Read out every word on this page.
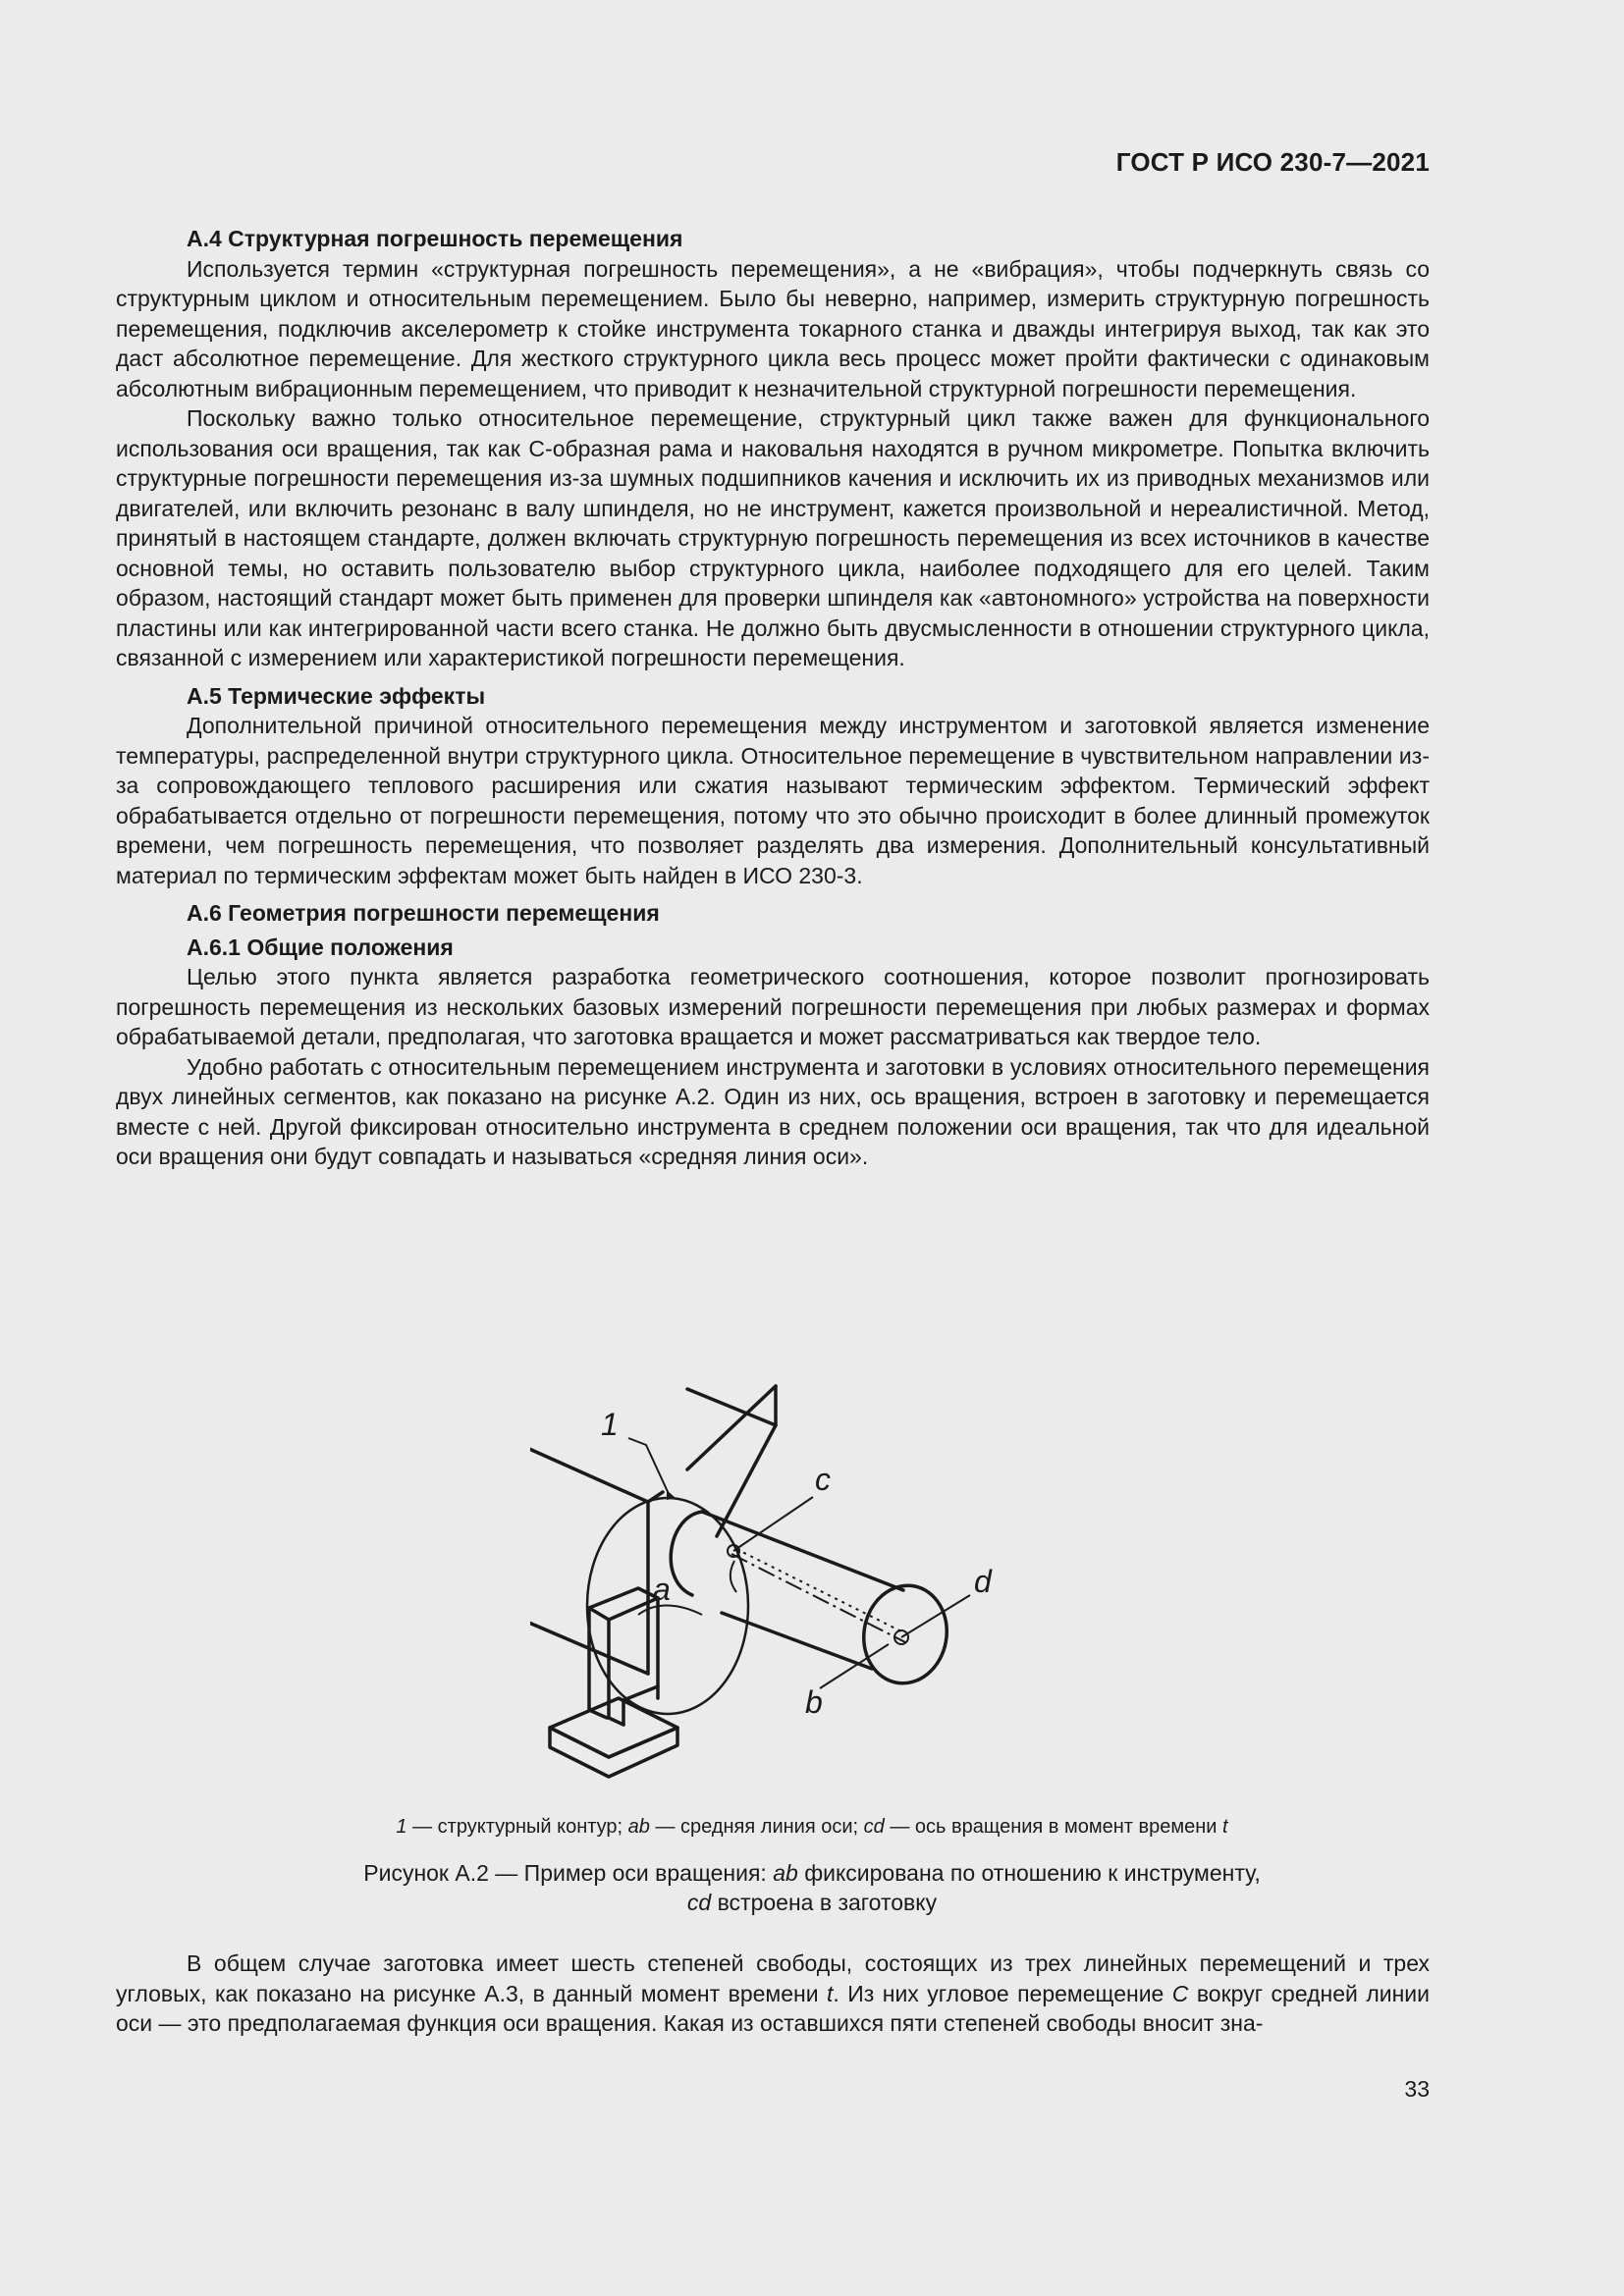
ГОСТ Р ИСО 230-7—2021

А.4 Структурная погрешность перемещения

Используется термин «структурная погрешность перемещения», а не «вибрация», чтобы подчеркнуть связь со структурным циклом и относительным перемещением. Было бы неверно, например, измерить структурную погрешность перемещения, подключив акселерометр к стойке инструмента токарного станка и дважды интегрируя выход, так как это даст абсолютное перемещение. Для жесткого структурного цикла весь процесс может пройти фактически с одинаковым абсолютным вибрационным перемещением, что приводит к незначительной структурной погрешности перемещения.

Поскольку важно только относительное перемещение, структурный цикл также важен для функционального использования оси вращения, так как С-образная рама и наковальня находятся в ручном микрометре. Попытка включить структурные погрешности перемещения из-за шумных подшипников качения и исключить их из приводных механизмов или двигателей, или включить резонанс в валу шпинделя, но не инструмент, кажется произвольной и нереалистичной. Метод, принятый в настоящем стандарте, должен включать структурную погрешность перемещения из всех источников в качестве основной темы, но оставить пользователю выбор структурного цикла, наиболее подходящего для его целей. Таким образом, настоящий стандарт может быть применен для проверки шпинделя как «автономного» устройства на поверхности пластины или как интегрированной части всего станка. Не должно быть двусмысленности в отношении структурного цикла, связанной с измерением или характеристикой погрешности перемещения.

А.5 Термические эффекты

Дополнительной причиной относительного перемещения между инструментом и заготовкой является изменение температуры, распределенной внутри структурного цикла. Относительное перемещение в чувствительном направлении из-за сопровождающего теплового расширения или сжатия называют термическим эффектом. Термический эффект обрабатывается отдельно от погрешности перемещения, потому что это обычно происходит в более длинный промежуток времени, чем погрешность перемещения, что позволяет разделять два измерения. Дополнительный консультативный материал по термическим эффектам может быть найден в ИСО 230-3.

А.6 Геометрия погрешности перемещения

А.6.1 Общие положения

Целью этого пункта является разработка геометрического соотношения, которое позволит прогнозировать погрешность перемещения из нескольких базовых измерений погрешности перемещения при любых размерах и формах обрабатываемой детали, предполагая, что заготовка вращается и может рассматриваться как твердое тело.

Удобно работать с относительным перемещением инструмента и заготовки в условиях относительного перемещения двух линейных сегментов, как показано на рисунке А.2. Один из них, ось вращения, встроен в заготовку и перемещается вместе с ней. Другой фиксирован относительно инструмента в среднем положении оси вращения, так что для идеальной оси вращения они будут совпадать и называться «средняя линия оси».

1
c
d
a
b
1 — структурный контур; ab — средняя линия оси; cd — ось вращения в момент времени t
Рисунок А.2 — Пример оси вращения: ab фиксирована по отношению к инструменту,
cd встроена в заготовку

В общем случае заготовка имеет шесть степеней свободы, состоящих из трех линейных перемещений и трех угловых, как показано на рисунке А.3, в данный момент времени t. Из них угловое перемещение C вокруг средней линии оси — это предполагаемая функция оси вращения. Какая из оставшихся пяти степеней свободы вносит зна-

33
